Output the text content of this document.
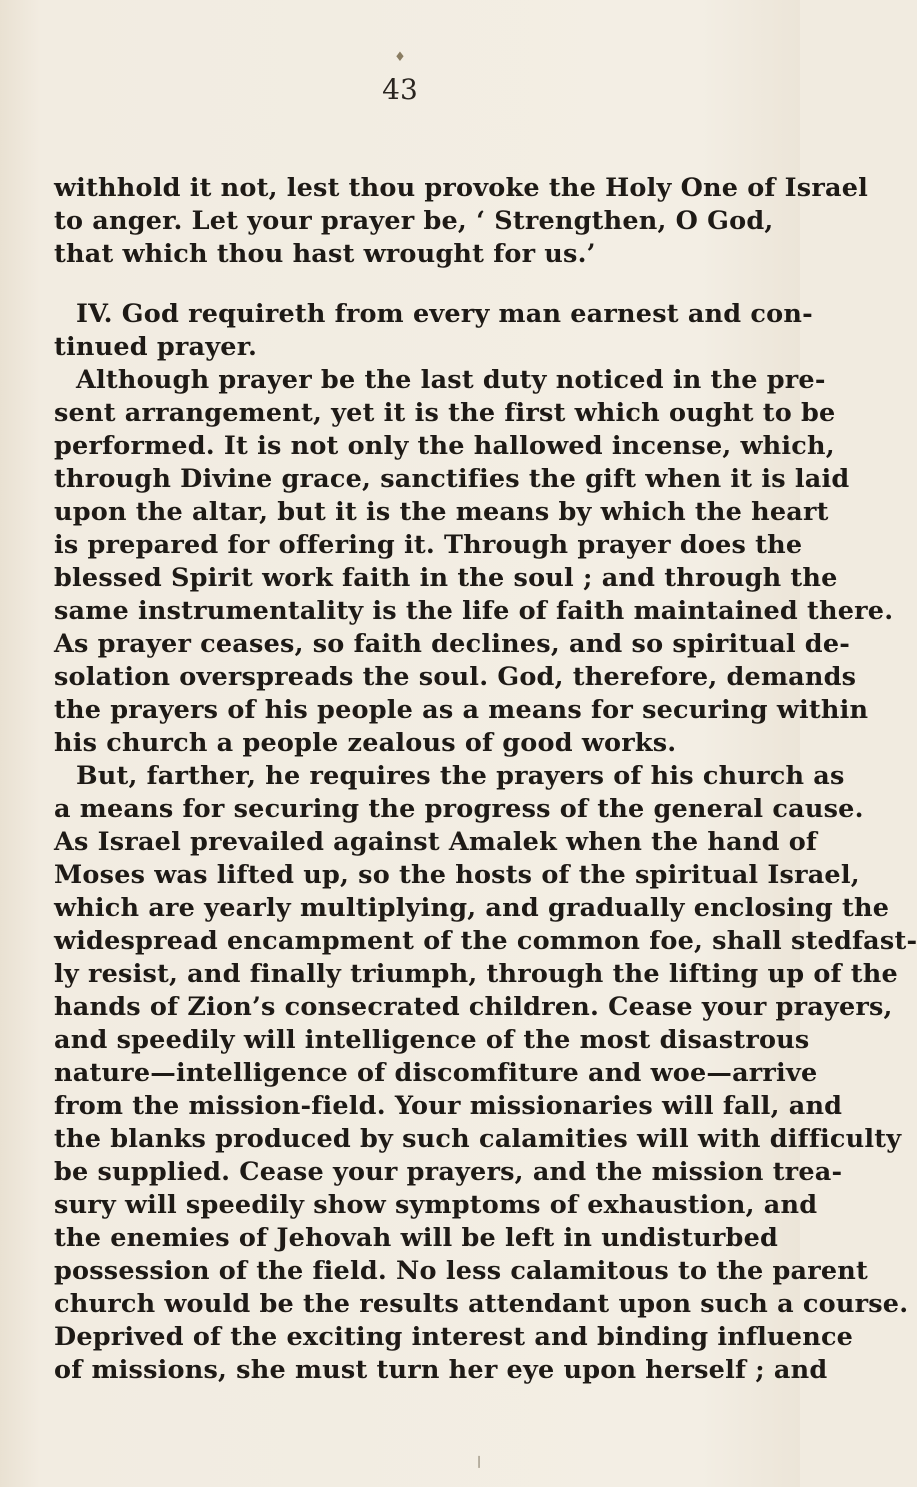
♦
43
withhold it not, lest thou provoke the Holy One of Israel
to anger. Let your prayer be, ‘ Strengthen, O God,
that which thou hast wrought for us.’
IV. God requireth from every man earnest and con-
tinued prayer.
Although prayer be the last duty noticed in the pre-
sent arrangement, yet it is the first which ought to be
performed. It is not only the hallowed incense, which,
through Divine grace, sanctifies the gift when it is laid
upon the altar, but it is the means by which the heart
is prepared for offering it. Through prayer does the
blessed Spirit work faith in the soul ; and through the
same instrumentality is the life of faith maintained there.
As prayer ceases, so faith declines, and so spiritual de-
solation overspreads the soul. God, therefore, demands
the prayers of his people as a means for securing within
his church a people zealous of good works.
But, farther, he requires the prayers of his church as
a means for securing the progress of the general cause.
As Israel prevailed against Amalek when the hand of
Moses was lifted up, so the hosts of the spiritual Israel,
which are yearly multiplying, and gradually enclosing the
widespread encampment of the common foe, shall stedfast-
ly resist, and finally triumph, through the lifting up of the
hands of Zion’s consecrated children. Cease your prayers,
and speedily will intelligence of the most disastrous
nature—intelligence of discomfiture and woe—arrive
from the mission-field. Your missionaries will fall, and
the blanks produced by such calamities will with difficulty
be supplied. Cease your prayers, and the mission trea-
sury will speedily show symptoms of exhaustion, and
the enemies of Jehovah will be left in undisturbed
possession of the field. No less calamitous to the parent
church would be the results attendant upon such a course.
Deprived of the exciting interest and binding influence
of missions, she must turn her eye upon herself ; and
❘
